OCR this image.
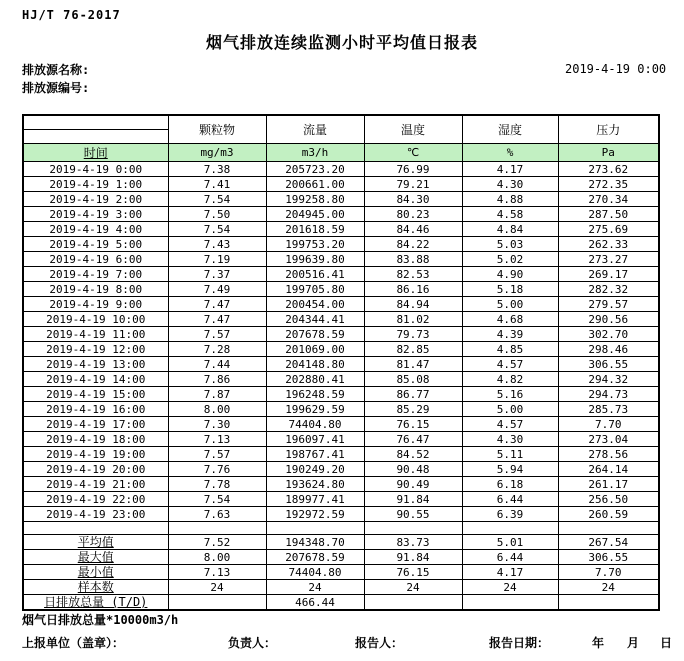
HJ/T 76-2017
烟气排放连续监测小时平均值日报表
排放源名称:
排放源编号:
2019-4-19 0:00
	颗粒物	流量	温度	湿度	压力
时间	mg/m3	m3/h	℃	%	Pa
2019-4-19 0:00	7.38	205723.20	76.99	4.17	273.62
2019-4-19 1:00	7.41	200661.00	79.21	4.30	272.35
2019-4-19 2:00	7.54	199258.80	84.30	4.88	270.34
2019-4-19 3:00	7.50	204945.00	80.23	4.58	287.50
2019-4-19 4:00	7.54	201618.59	84.46	4.84	275.69
2019-4-19 5:00	7.43	199753.20	84.22	5.03	262.33
2019-4-19 6:00	7.19	199639.80	83.88	5.02	273.27
2019-4-19 7:00	7.37	200516.41	82.53	4.90	269.17
2019-4-19 8:00	7.49	199705.80	86.16	5.18	282.32
2019-4-19 9:00	7.47	200454.00	84.94	5.00	279.57
2019-4-19 10:00	7.47	204344.41	81.02	4.68	290.56
2019-4-19 11:00	7.57	207678.59	79.73	4.39	302.70
2019-4-19 12:00	7.28	201069.00	82.85	4.85	298.46
2019-4-19 13:00	7.44	204148.80	81.47	4.57	306.55
2019-4-19 14:00	7.86	202880.41	85.08	4.82	294.32
2019-4-19 15:00	7.87	196248.59	86.77	5.16	294.73
2019-4-19 16:00	8.00	199629.59	85.29	5.00	285.73
2019-4-19 17:00	7.30	74404.80	76.15	4.57	7.70
2019-4-19 18:00	7.13	196097.41	76.47	4.30	273.04
2019-4-19 19:00	7.57	198767.41	84.52	5.11	278.56
2019-4-19 20:00	7.76	190249.20	90.48	5.94	264.14
2019-4-19 21:00	7.78	193624.80	90.49	6.18	261.17
2019-4-19 22:00	7.54	189977.41	91.84	6.44	256.50
2019-4-19 23:00	7.63	192972.59	90.55	6.39	260.59

平均值	7.52	194348.70	83.73	5.01	267.54
最大值	8.00	207678.59	91.84	6.44	306.55
最小值	7.13	74404.80	76.15	4.17	7.70
样本数	24	24	24	24	24
日排放总量 (T/D)		466.44			
烟气日排放总量*10000m3/h
上报单位（盖章）：	负责人：	报告人：	报告日期：	年 月 日
